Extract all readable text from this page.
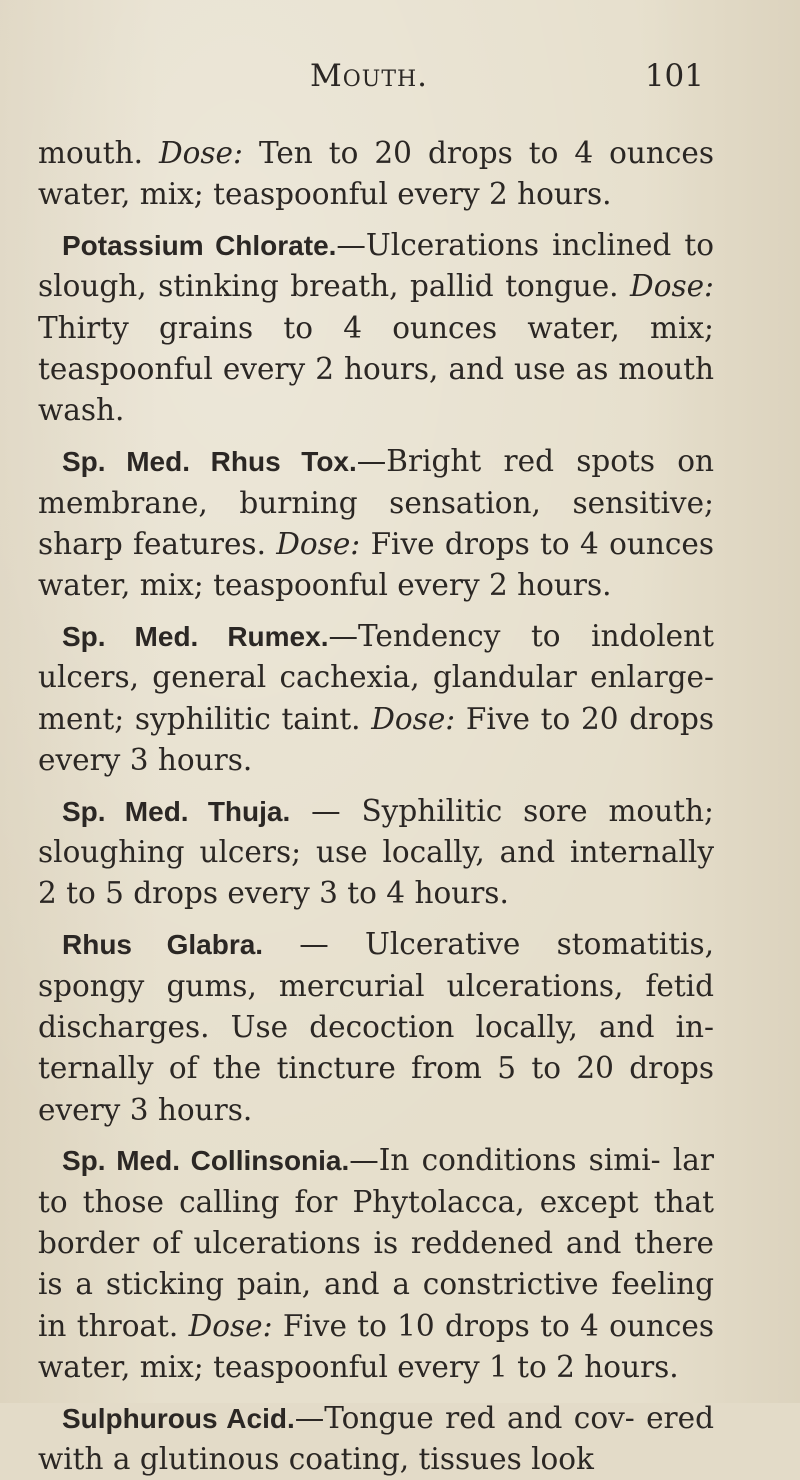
Mouth.	101

mouth. Dose: Ten to 20 drops to 4 ounces water, mix; teaspoonful every 2 hours.

Potassium Chlorate.—Ulcerations inclined to slough, stinking breath, pallid tongue. Dose: Thirty grains to 4 ounces water, mix; teaspoonful every 2 hours, and use as mouth wash.

Sp. Med. Rhus Tox.—Bright red spots on membrane, burning sensation, sensitive; sharp features. Dose: Five drops to 4 ounces water, mix; teaspoonful every 2 hours.

Sp. Med. Rumex.—Tendency to indolent ulcers, general cachexia, glandular enlarge- ment; syphilitic taint. Dose: Five to 20 drops every 3 hours.

Sp. Med. Thuja. — Syphilitic sore mouth; sloughing ulcers; use locally, and internally 2 to 5 drops every 3 to 4 hours.

Rhus Glabra. — Ulcerative stomatitis, spongy gums, mercurial ulcerations, fetid discharges. Use decoction locally, and in- ternally of the tincture from 5 to 20 drops every 3 hours.

Sp. Med. Collinsonia.—In conditions simi- lar to those calling for Phytolacca, except that border of ulcerations is reddened and there is a sticking pain, and a constrictive feeling in throat. Dose: Five to 10 drops to 4 ounces water, mix; teaspoonful every 1 to 2 hours.

Sulphurous Acid.—Tongue red and cov- ered with a glutinous coating, tissues look
